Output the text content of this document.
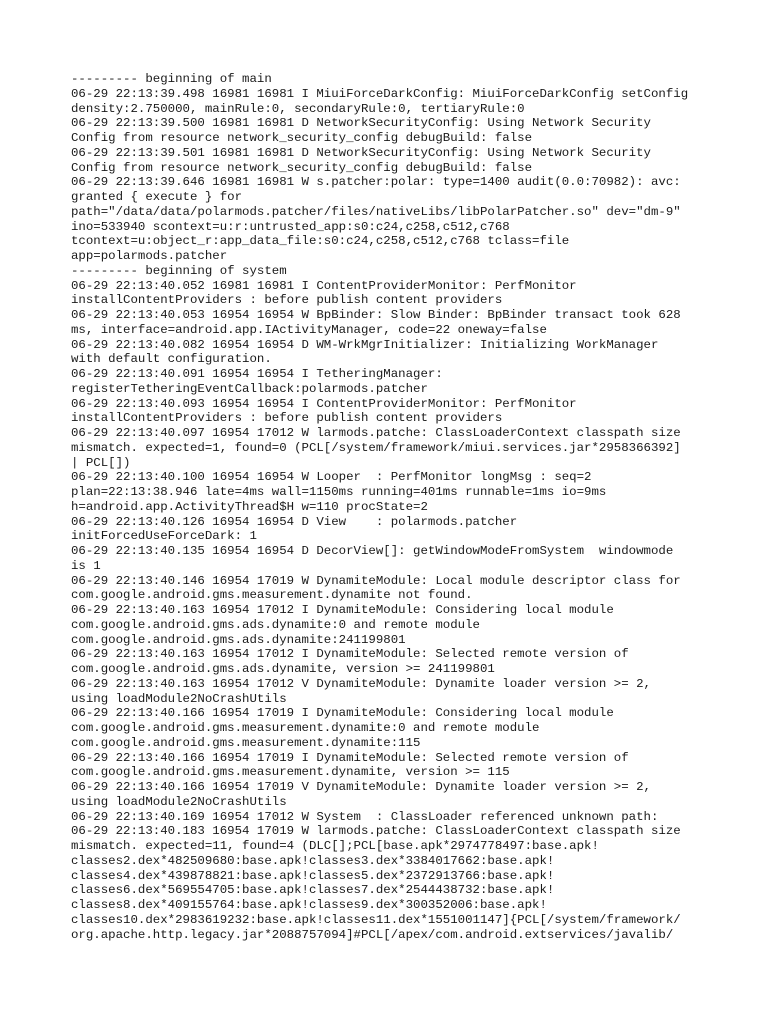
--------- beginning of main
06-29 22:13:39.498 16981 16981 I MiuiForceDarkConfig: MiuiForceDarkConfig setConfig
density:2.750000, mainRule:0, secondaryRule:0, tertiaryRule:0
06-29 22:13:39.500 16981 16981 D NetworkSecurityConfig: Using Network Security
Config from resource network_security_config debugBuild: false
06-29 22:13:39.501 16981 16981 D NetworkSecurityConfig: Using Network Security
Config from resource network_security_config debugBuild: false
06-29 22:13:39.646 16981 16981 W s.patcher:polar: type=1400 audit(0.0:70982): avc:
granted { execute } for
path="/data/data/polarmods.patcher/files/nativeLibs/libPolarPatcher.so" dev="dm-9"
ino=533940 scontext=u:r:untrusted_app:s0:c24,c258,c512,c768
tcontext=u:object_r:app_data_file:s0:c24,c258,c512,c768 tclass=file
app=polarmods.patcher
--------- beginning of system
06-29 22:13:40.052 16981 16981 I ContentProviderMonitor: PerfMonitor
installContentProviders : before publish content providers
06-29 22:13:40.053 16954 16954 W BpBinder: Slow Binder: BpBinder transact took 628
ms, interface=android.app.IActivityManager, code=22 oneway=false
06-29 22:13:40.082 16954 16954 D WM-WrkMgrInitializer: Initializing WorkManager
with default configuration.
06-29 22:13:40.091 16954 16954 I TetheringManager:
registerTetheringEventCallback:polarmods.patcher
06-29 22:13:40.093 16954 16954 I ContentProviderMonitor: PerfMonitor
installContentProviders : before publish content providers
06-29 22:13:40.097 16954 17012 W larmods.patche: ClassLoaderContext classpath size
mismatch. expected=1, found=0 (PCL[/system/framework/miui.services.jar*2958366392]
| PCL[])
06-29 22:13:40.100 16954 16954 W Looper  : PerfMonitor longMsg : seq=2
plan=22:13:38.946 late=4ms wall=1150ms running=401ms runnable=1ms io=9ms
h=android.app.ActivityThread$H w=110 procState=2
06-29 22:13:40.126 16954 16954 D View    : polarmods.patcher
initForcedUseForceDark: 1
06-29 22:13:40.135 16954 16954 D DecorView[]: getWindowModeFromSystem  windowmode
is 1
06-29 22:13:40.146 16954 17019 W DynamiteModule: Local module descriptor class for
com.google.android.gms.measurement.dynamite not found.
06-29 22:13:40.163 16954 17012 I DynamiteModule: Considering local module
com.google.android.gms.ads.dynamite:0 and remote module
com.google.android.gms.ads.dynamite:241199801
06-29 22:13:40.163 16954 17012 I DynamiteModule: Selected remote version of
com.google.android.gms.ads.dynamite, version >= 241199801
06-29 22:13:40.163 16954 17012 V DynamiteModule: Dynamite loader version >= 2,
using loadModule2NoCrashUtils
06-29 22:13:40.166 16954 17019 I DynamiteModule: Considering local module
com.google.android.gms.measurement.dynamite:0 and remote module
com.google.android.gms.measurement.dynamite:115
06-29 22:13:40.166 16954 17019 I DynamiteModule: Selected remote version of
com.google.android.gms.measurement.dynamite, version >= 115
06-29 22:13:40.166 16954 17019 V DynamiteModule: Dynamite loader version >= 2,
using loadModule2NoCrashUtils
06-29 22:13:40.169 16954 17012 W System  : ClassLoader referenced unknown path:
06-29 22:13:40.183 16954 17019 W larmods.patche: ClassLoaderContext classpath size
mismatch. expected=11, found=4 (DLC[];PCL[base.apk*2974778497:base.apk!
classes2.dex*482509680:base.apk!classes3.dex*3384017662:base.apk!
classes4.dex*439878821:base.apk!classes5.dex*2372913766:base.apk!
classes6.dex*569554705:base.apk!classes7.dex*2544438732:base.apk!
classes8.dex*409155764:base.apk!classes9.dex*300352006:base.apk!
classes10.dex*2983619232:base.apk!classes11.dex*1551001147]{PCL[/system/framework/
org.apache.http.legacy.jar*2088757094]#PCL[/apex/com.android.extservices/javalib/
